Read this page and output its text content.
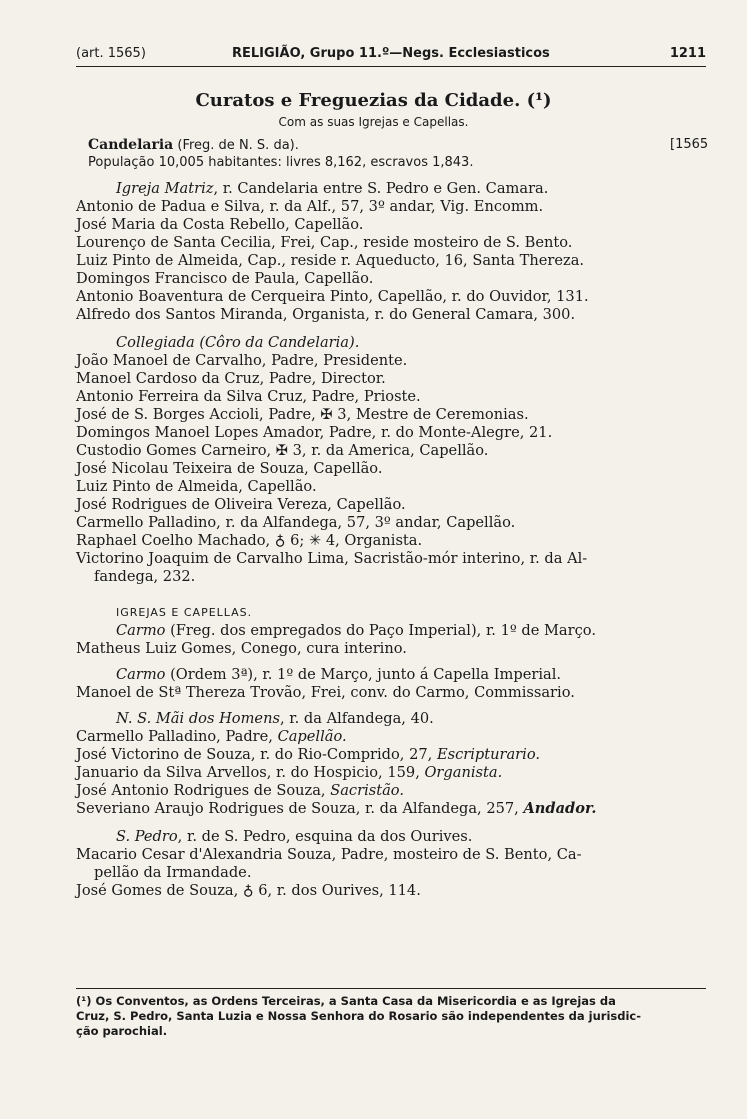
(art. 1565)	RELIGIÃO, Grupo 11.º—Negs. Ecclesiasticos	1211
Curatos e Freguezias da Cidade. (¹)
Com as suas Igrejas e Capellas.
Candelaria (Freg. de N. S. da).	[1565
População 10,005 habitantes: livres 8,162, escravos 1,843.
Igreja Matriz, r. Candelaria entre S. Pedro e Gen. Camara.
Antonio de Padua e Silva, r. da Alf., 57, 3º andar, Vig. Encomm.
José Maria da Costa Rebello, Capellão.
Lourenço de Santa Cecilia, Frei, Cap., reside mosteiro de S. Bento.
Luiz Pinto de Almeida, Cap., reside r. Aqueducto, 16, Santa Thereza.
Domingos Francisco de Paula, Capellão.
Antonio Boaventura de Cerqueira Pinto, Capellão, r. do Ouvidor, 131.
Alfredo dos Santos Miranda, Organista, r. do General Camara, 300.
Collegiada (Côro da Candelaria).
João Manoel de Carvalho, Padre, Presidente.
Manoel Cardoso da Cruz, Padre, Director.
Antonio Ferreira da Silva Cruz, Padre, Prioste.
José de S. Borges Accioli, Padre, ✠ 3, Mestre de Ceremonias.
Domingos Manoel Lopes Amador, Padre, r. do Monte-Alegre, 21.
Custodio Gomes Carneiro, ✠ 3, r. da America, Capellão.
José Nicolau Teixeira de Souza, Capellão.
Luiz Pinto de Almeida, Capellão.
José Rodrigues de Oliveira Vereza, Capellão.
Carmello Palladino, r. da Alfandega, 57, 3º andar, Capellão.
Raphael Coelho Machado, ♁ 6; ✳ 4, Organista.
Victorino Joaquim de Carvalho Lima, Sacristão-mór interino, r. da Al-
fandega, 232.
IGREJAS E CAPELLAS.
Carmo (Freg. dos empregados do Paço Imperial), r. 1º de Março.
Matheus Luiz Gomes, Conego, cura interino.
Carmo (Ordem 3ª), r. 1º de Março, junto á Capella Imperial.
Manoel de Stª Thereza Trovão, Frei, conv. do Carmo, Commissario.
N. S. Mãi dos Homens, r. da Alfandega, 40.
Carmello Palladino, Padre, Capellão.
José Victorino de Souza, r. do Rio-Comprido, 27, Escripturario.
Januario da Silva Arvellos, r. do Hospicio, 159, Organista.
José Antonio Rodrigues de Souza, Sacristão.
Severiano Araujo Rodrigues de Souza, r. da Alfandega, 257, Andador.
S. Pedro, r. de S. Pedro, esquina da dos Ourives.
Macario Cesar d'Alexandria Souza, Padre, mosteiro de S. Bento, Ca-
pellão da Irmandade.
José Gomes de Souza, ♁ 6, r. dos Ourives, 114.
(¹) Os Conventos, as Ordens Terceiras, a Santa Casa da Misericordia e as Igrejas da
Cruz, S. Pedro, Santa Luzia e Nossa Senhora do Rosario são independentes da jurisdic-
ção parochial.
